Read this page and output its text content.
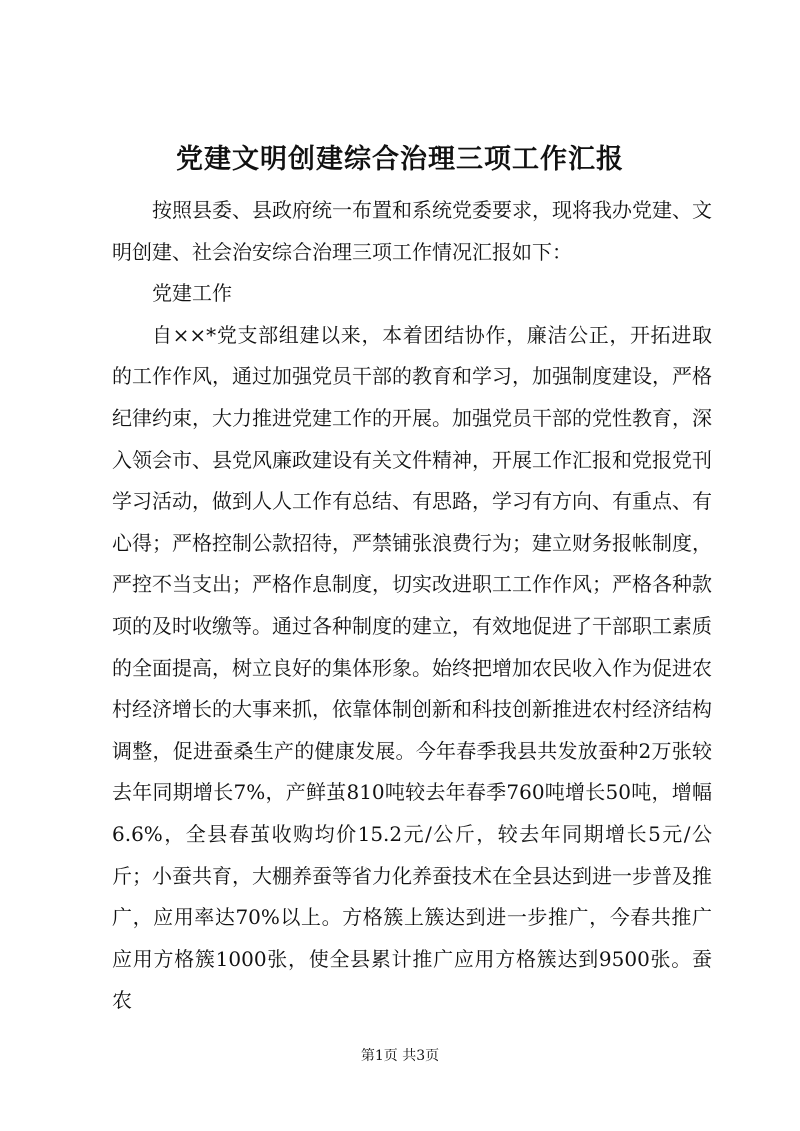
党建文明创建综合治理三项工作汇报

按照县委、县政府统一布置和系统党委要求，现将我办党建、文明创建、社会治安综合治理三项工作情况汇报如下：

党建工作

自××*党支部组建以来，本着团结协作，廉洁公正，开拓进取的工作作风，通过加强党员干部的教育和学习，加强制度建设，严格纪律约束，大力推进党建工作的开展。加强党员干部的党性教育，深入领会市、县党风廉政建设有关文件精神，开展工作汇报和党报党刊学习活动，做到人人工作有总结、有思路，学习有方向、有重点、有心得；严格控制公款招待，严禁铺张浪费行为；建立财务报帐制度，严控不当支出；严格作息制度，切实改进职工工作作风；严格各种款项的及时收缴等。通过各种制度的建立，有效地促进了干部职工素质的全面提高，树立良好的集体形象。始终把增加农民收入作为促进农村经济增长的大事来抓，依靠体制创新和科技创新推进农村经济结构调整，促进蚕桑生产的健康发展。今年春季我县共发放蚕种2万张较去年同期增长7%，产鲜茧810吨较去年春季760吨增长50吨，增幅6.6%，全县春茧收购均价15.2元/公斤，较去年同期增长5元/公斤；小蚕共育，大棚养蚕等省力化养蚕技术在全县达到进一步普及推广，应用率达70%以上。方格簇上簇达到进一步推广，今春共推广应用方格簇1000张，使全县累计推广应用方格簇达到9500张。蚕农

第1页 共3页
